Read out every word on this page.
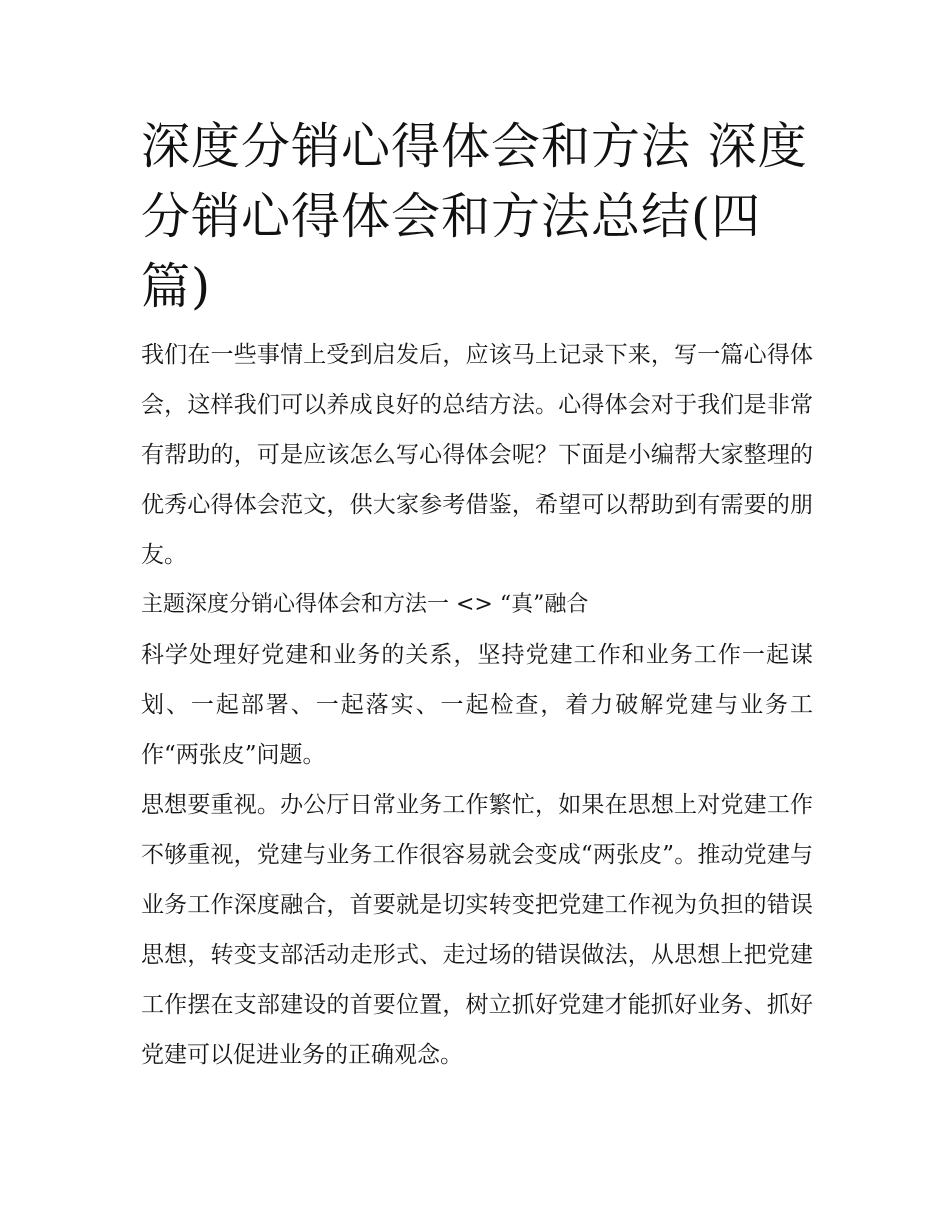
深度分销心得体会和方法 深度分销心得体会和方法总结(四篇)

我们在一些事情上受到启发后，应该马上记录下来，写一篇心得体会，这样我们可以养成良好的总结方法。心得体会对于我们是非常有帮助的，可是应该怎么写心得体会呢？下面是小编帮大家整理的优秀心得体会范文，供大家参考借鉴，希望可以帮助到有需要的朋友。

主题深度分销心得体会和方法一 <> “真”融合

科学处理好党建和业务的关系，坚持党建工作和业务工作一起谋划、一起部署、一起落实、一起检查，着力破解党建与业务工作“两张皮”问题。

思想要重视。办公厅日常业务工作繁忙，如果在思想上对党建工作不够重视，党建与业务工作很容易就会变成“两张皮”。推动党建与业务工作深度融合，首要就是切实转变把党建工作视为负担的错误思想，转变支部活动走形式、走过场的错误做法，从思想上把党建工作摆在支部建设的首要位置，树立抓好党建才能抓好业务、抓好党建可以促进业务的正确观念。
